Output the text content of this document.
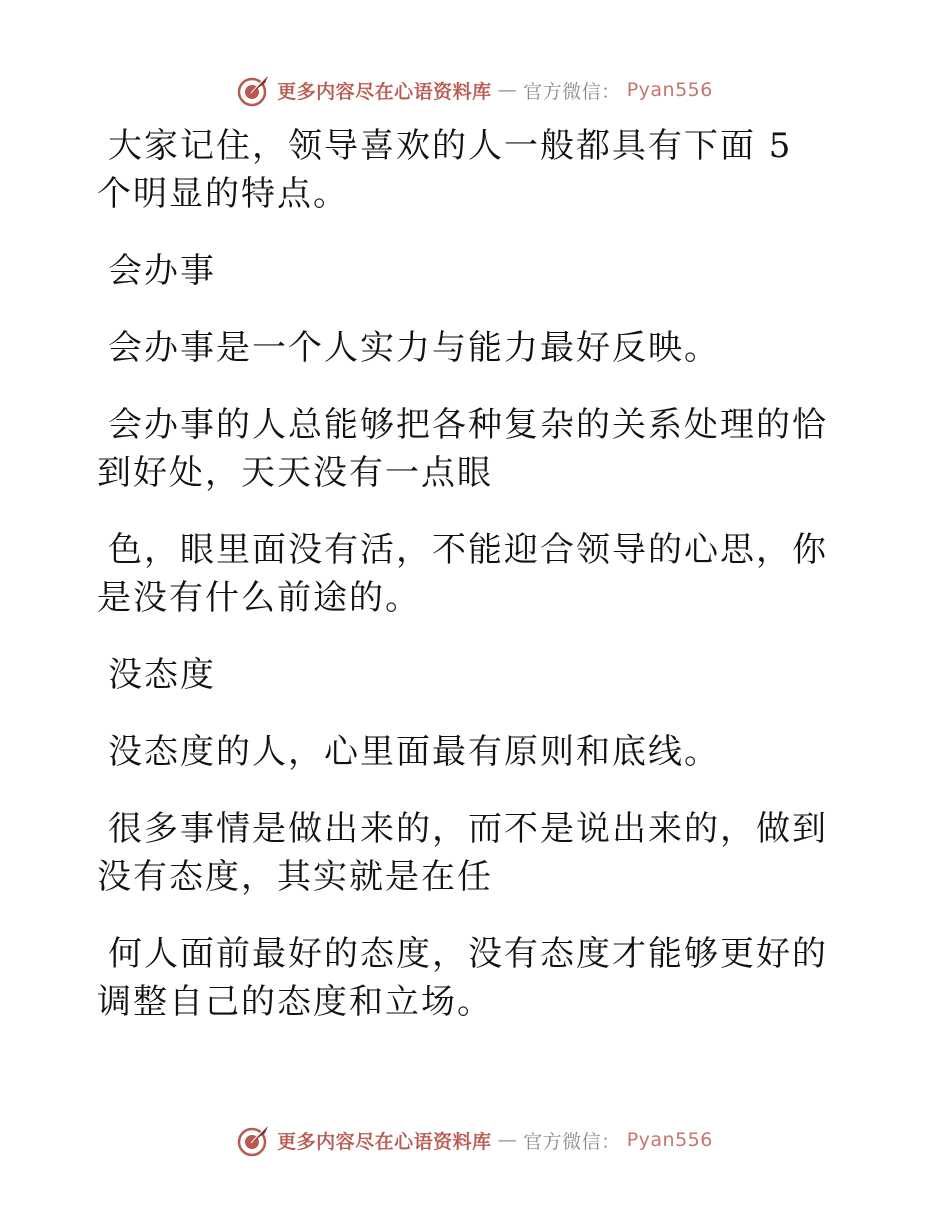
更多内容尽在心语资料库 — 官方微信： Pyan556

大家记住，领导喜欢的人一般都具有下面 5 个明显的特点。

会办事

会办事是一个人实力与能力最好反映。

会办事的人总能够把各种复杂的关系处理的恰到好处，天天没有一点眼

色，眼里面没有活，不能迎合领导的心思，你是没有什么前途的。

没态度

没态度的人，心里面最有原则和底线。

很多事情是做出来的，而不是说出来的，做到没有态度，其实就是在任

何人面前最好的态度，没有态度才能够更好的调整自己的态度和立场。

更多内容尽在心语资料库 — 官方微信： Pyan556
